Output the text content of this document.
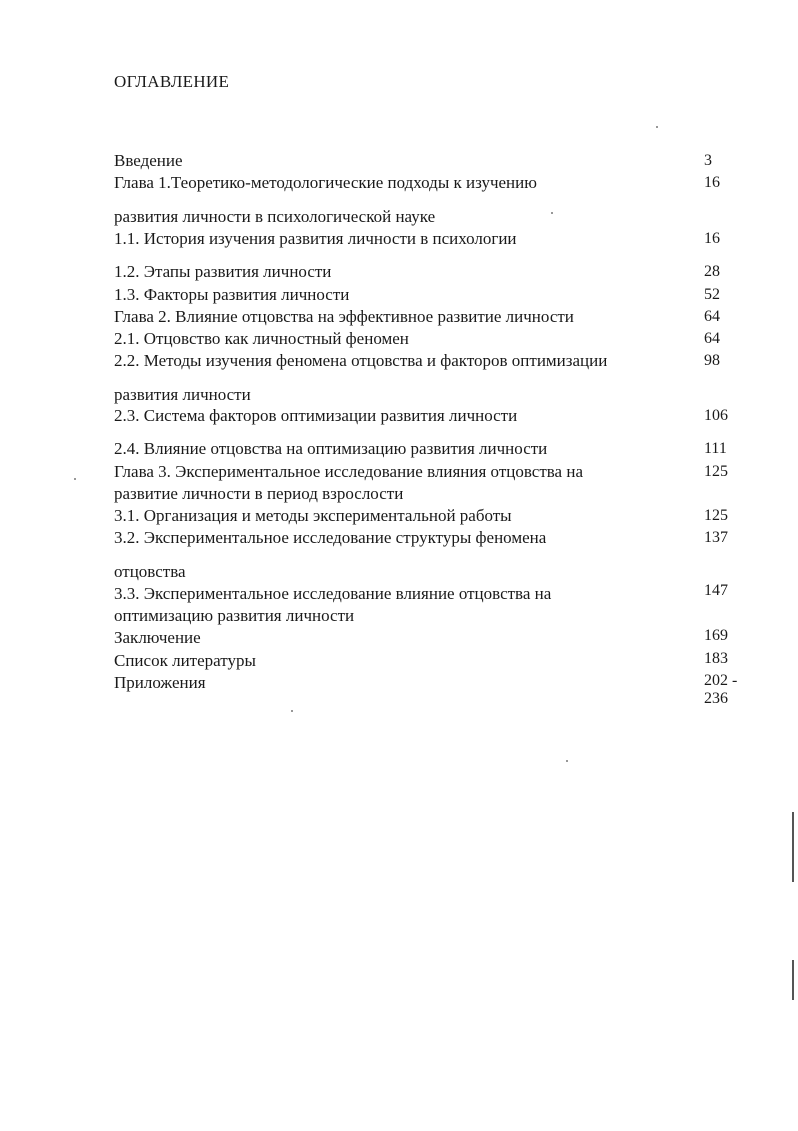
ОГЛАВЛЕНИЕ
Введение	3
Глава 1.Теоретико-методологические подходы к изучению	16
развития личности в психологической науке
1.1. История изучения развития личности в психологии	16
1.2. Этапы развития личности	28
1.3. Факторы развития личности	52
Глава 2. Влияние отцовства на эффективное развитие личности	64
2.1. Отцовство как личностный феномен	64
2.2. Методы изучения феномена отцовства и факторов оптимизации	98
развития личности
2.3. Система факторов оптимизации развития личности	106
2.4. Влияние отцовства на оптимизацию развития личности	111
Глава 3. Экспериментальное исследование влияния отцовства на	125
развитие личности в период взрослости
3.1. Организация и методы экспериментальной работы	125
3.2. Экспериментальное исследование структуры феномена	137
отцовства
3.3. Экспериментальное исследование влияние отцовства на	147
оптимизацию развития личности
Заключение	169
Список литературы	183
Приложения	202 -
236
